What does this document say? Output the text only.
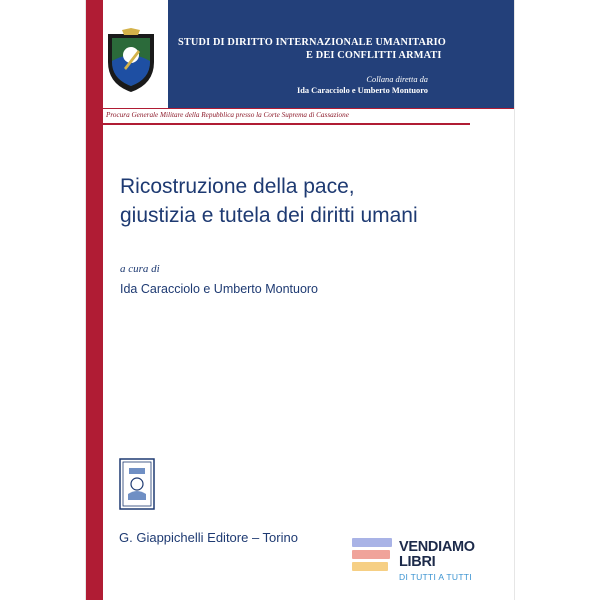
STUDI DI DIRITTO INTERNAZIONALE UMANITARIO
E DEI CONFLITTI ARMATI
Collana diretta da
Ida Caracciolo e Umberto Montuoro
Procura Generale Militare della Repubblica presso la Corte Suprema di Cassazione
Ricostruzione della pace,
giustizia e tutela dei diritti umani
a cura di
Ida Caracciolo e Umberto Montuoro
G. Giappichelli Editore – Torino
VENDIAMO
LIBRI
DI TUTTI A TUTTI
